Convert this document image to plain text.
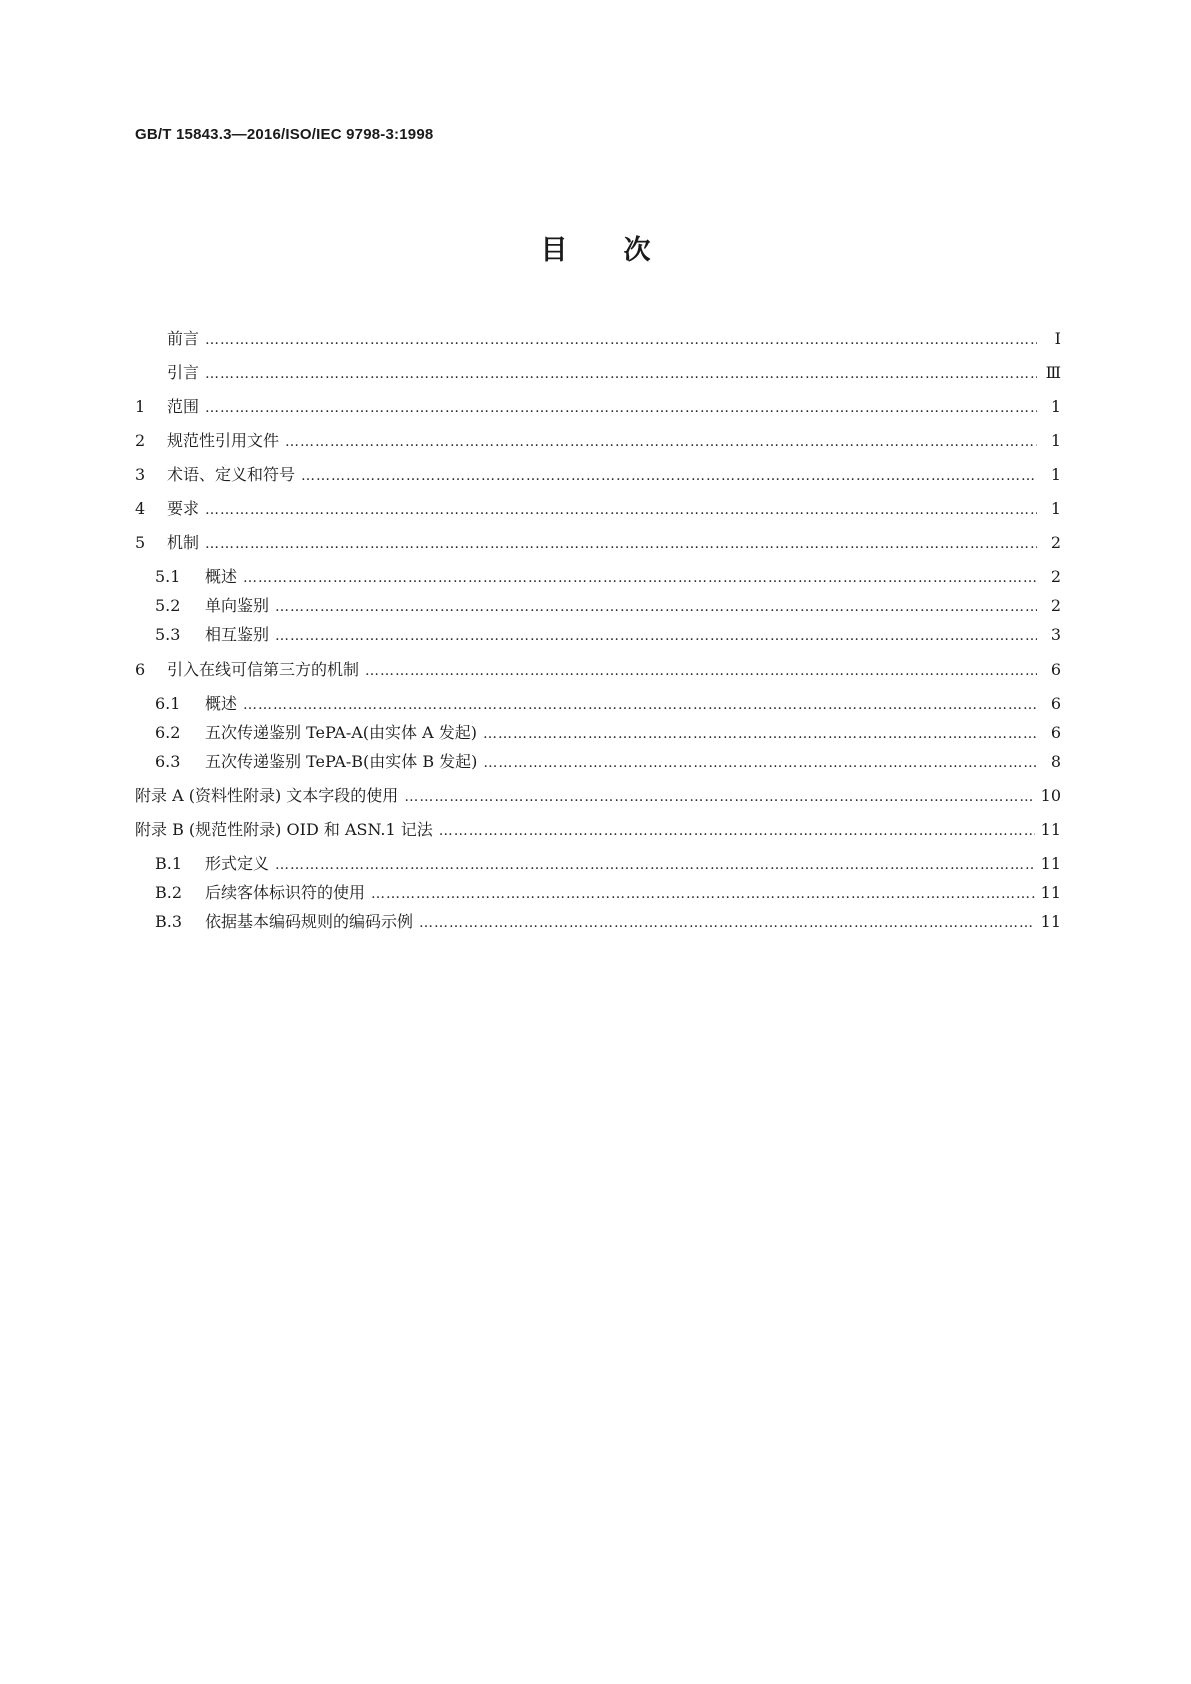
GB/T 15843.3—2016/ISO/IEC 9798-3:1998
目次
前言 ……………………………………………………………………………………………………………………………………………………………………………………………………………………………………	Ⅰ
引言 ……………………………………………………………………………………………………………………………………………………………………………………………………………………………………	Ⅲ
1	范围 ……………………………………………………………………………………………………………………………………………………………………………………………………………………………………	1
2	规范性引用文件 ……………………………………………………………………………………………………………………………………………………………………………………………………………………………………	1
3	术语、定义和符号 ……………………………………………………………………………………………………………………………………………………………………………………………………………………………………	1
4	要求 ……………………………………………………………………………………………………………………………………………………………………………………………………………………………………	1
5	机制 ……………………………………………………………………………………………………………………………………………………………………………………………………………………………………	2
5.1	概述 ……………………………………………………………………………………………………………………………………………………………………………………………………………………………………	2
5.2	单向鉴别 ……………………………………………………………………………………………………………………………………………………………………………………………………………………………………	2
5.3	相互鉴别 ……………………………………………………………………………………………………………………………………………………………………………………………………………………………………	3
6	引入在线可信第三方的机制 ……………………………………………………………………………………………………………………………………………………………………………………………………………………………………	6
6.1	概述 ……………………………………………………………………………………………………………………………………………………………………………………………………………………………………	6
6.2	五次传递鉴别 TePA-A(由实体 A 发起) ……………………………………………………………………………………………………………………………………………………………………………………………………………………………………	6
6.3	五次传递鉴别 TePA-B(由实体 B 发起) ……………………………………………………………………………………………………………………………………………………………………………………………………………………………………	8
附录 A (资料性附录) 文本字段的使用 ……………………………………………………………………………………………………………………………………………………………………………………………………………………………………	10
附录 B (规范性附录) OID 和 ASN.1 记法 ……………………………………………………………………………………………………………………………………………………………………………………………………………………………………	11
B.1	形式定义 ……………………………………………………………………………………………………………………………………………………………………………………………………………………………………	11
B.2	后续客体标识符的使用 ……………………………………………………………………………………………………………………………………………………………………………………………………………………………………	11
B.3	依据基本编码规则的编码示例 ……………………………………………………………………………………………………………………………………………………………………………………………………………………………………	11
